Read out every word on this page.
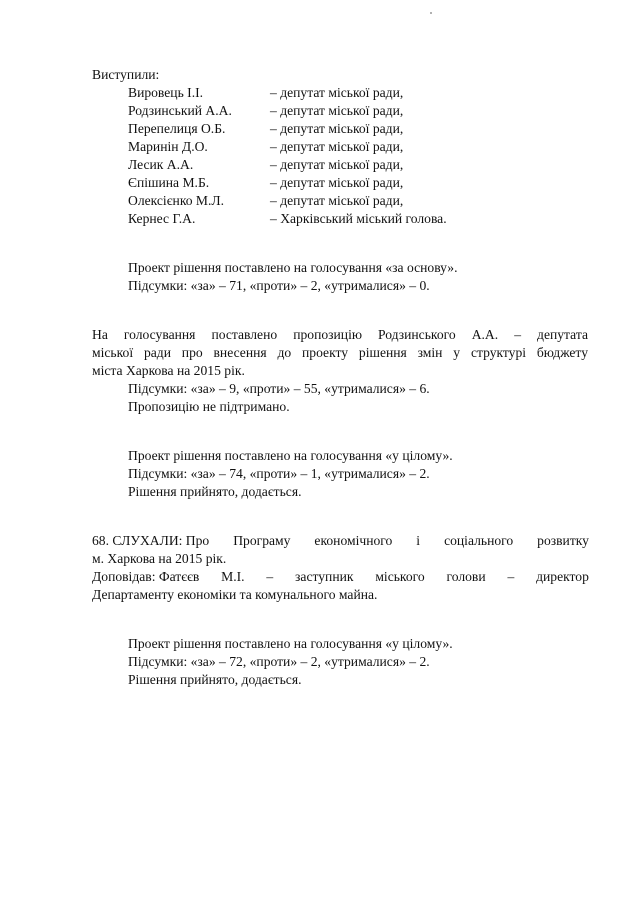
Виступили:
Вировець І.І.	– депутат міської ради,
Родзинський А.А.	– депутат міської ради,
Перепелиця О.Б.	– депутат міської ради,
Маринін Д.О.	– депутат міської ради,
Лесик А.А.	– депутат міської ради,
Єпішина М.Б.	– депутат міської ради,
Олексієнко М.Л.	– депутат міської ради,
Кернес Г.А.	– Харківський міський голова.
Проект рішення поставлено на голосування «за основу».
Підсумки: «за» – 71, «проти» – 2, «утрималися» – 0.
На голосування поставлено пропозицію Родзинського А.А. – депутата
міської ради про внесення до проекту рішення змін у структурі бюджету
міста Харкова на 2015 рік.
Підсумки: «за» – 9, «проти» – 55, «утрималися» – 6.
Пропозицію не підтримано.
Проект рішення поставлено на голосування «у цілому».
Підсумки: «за» – 74, «проти» – 1, «утрималися» – 2.
Рішення прийнято, додається.
68. СЛУХАЛИ: Про Програму економічного і соціального розвитку
м. Харкова на 2015 рік.
Доповідав: Фатєєв М.І. – заступник міського голови – директор
Департаменту економіки та комунального майна.
Проект рішення поставлено на голосування «у цілому».
Підсумки: «за» – 72, «проти» – 2, «утрималися» – 2.
Рішення прийнято, додається.
